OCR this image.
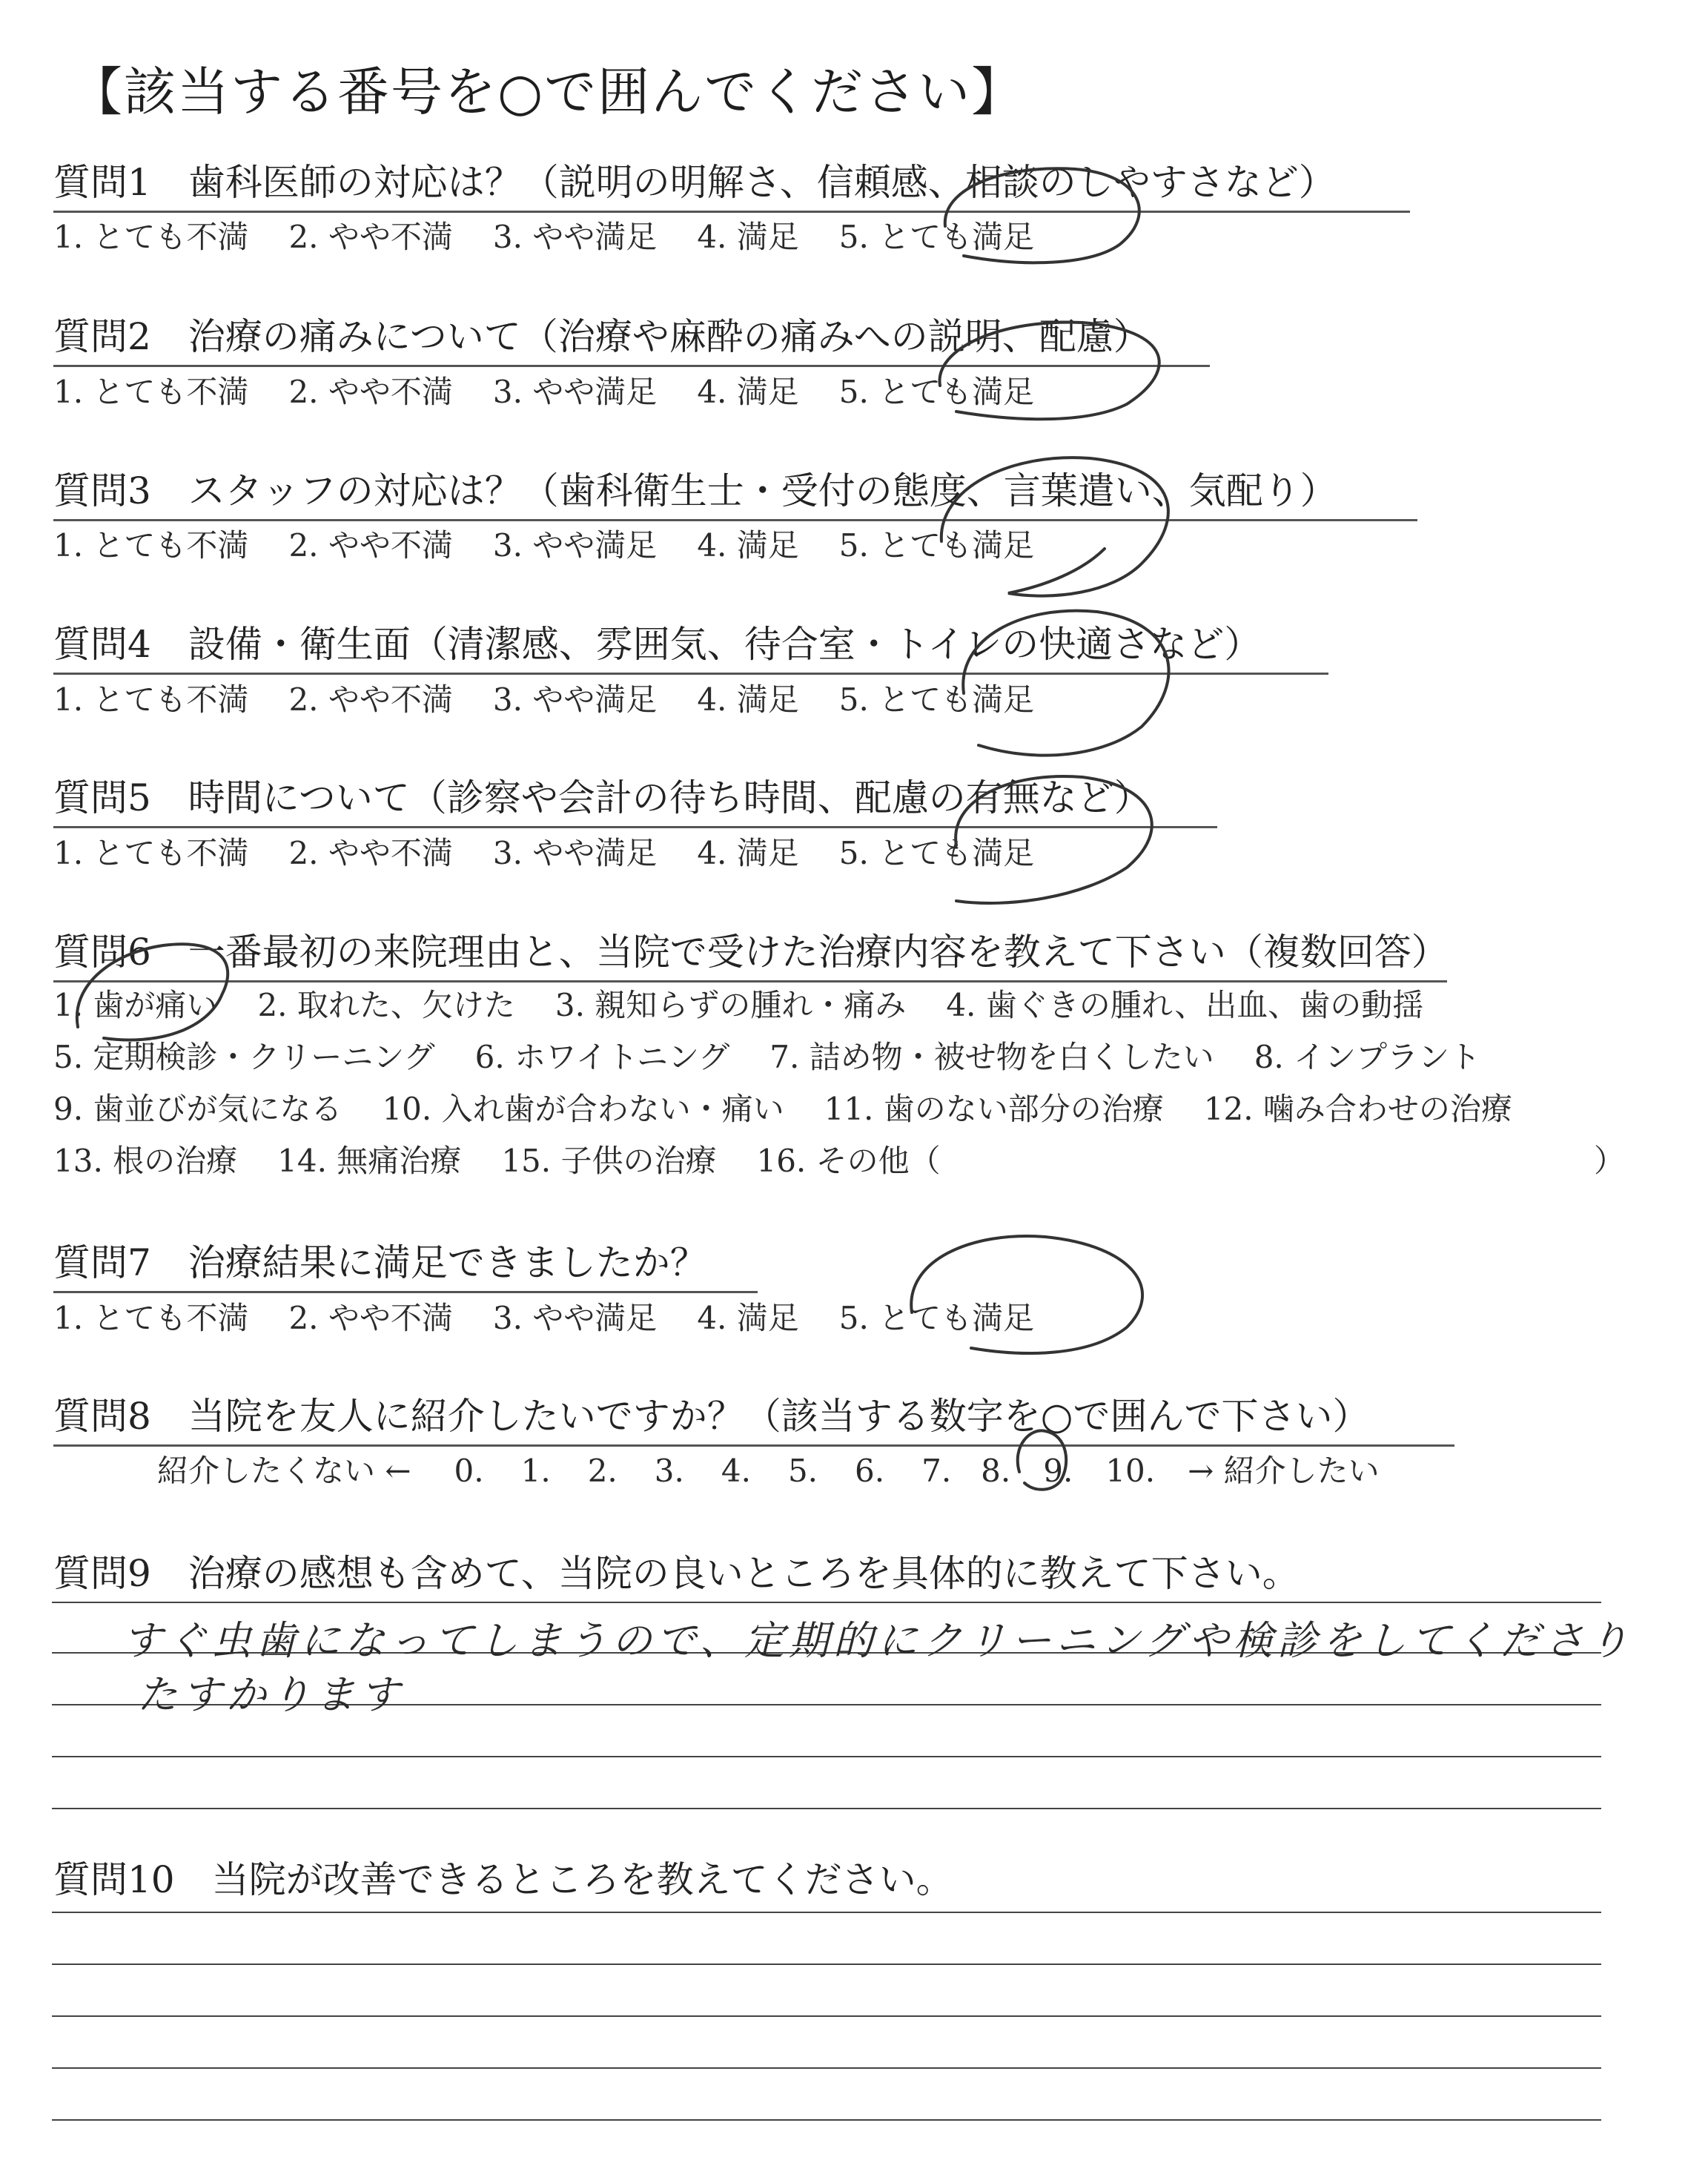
【該当する番号を○で囲んでください】
質問1　歯科医師の対応は？（説明の明解さ、信頼感、相談のしやすさなど）
1. とても不満 2. やや不満 3. やや満足 4. 満足 5. とても満足
質問2　治療の痛みについて（治療や麻酔の痛みへの説明、配慮）
1. とても不満 2. やや不満 3. やや満足 4. 満足 5. とても満足
質問3　スタッフの対応は？（歯科衛生士・受付の態度、言葉遣い、気配り）
1. とても不満 2. やや不満 3. やや満足 4. 満足 5. とても満足
質問4　設備・衛生面（清潔感、雰囲気、待合室・トイレの快適さなど）
1. とても不満 2. やや不満 3. やや満足 4. 満足 5. とても満足
質問5　時間について（診察や会計の待ち時間、配慮の有無など）
1. とても不満 2. やや不満 3. やや満足 4. 満足 5. とても満足
質問6　一番最初の来院理由と、当院で受けた治療内容を教えて下さい（複数回答）
1. 歯が痛い 2. 取れた、欠けた 3. 親知らずの腫れ・痛み 4. 歯ぐきの腫れ、出血、歯の動揺
5. 定期検診・クリーニング 6. ホワイトニング 7. 詰め物・被せ物を白くしたい 8. インプラント
9. 歯並びが気になる 10. 入れ歯が合わない・痛い 11. 歯のない部分の治療 12. 噛み合わせの治療
13. 根の治療 14. 無痛治療 15. 子供の治療 16. その他（	）
質問7　治療結果に満足できましたか？
1. とても不満 2. やや不満 3. やや満足 4. 満足 5. とても満足
質問8　当院を友人に紹介したいですか？（該当する数字を○で囲んで下さい）
紹介したくない ← 0. 1. 2. 3. 4. 5. 6. 7. 8. 9. 10. → 紹介したい
質問9　治療の感想も含めて、当院の良いところを具体的に教えて下さい。
すぐ虫歯になってしまうので、定期的にクリーニングや検診をしてくださり
たすかります
質問10　当院が改善できるところを教えてください。
